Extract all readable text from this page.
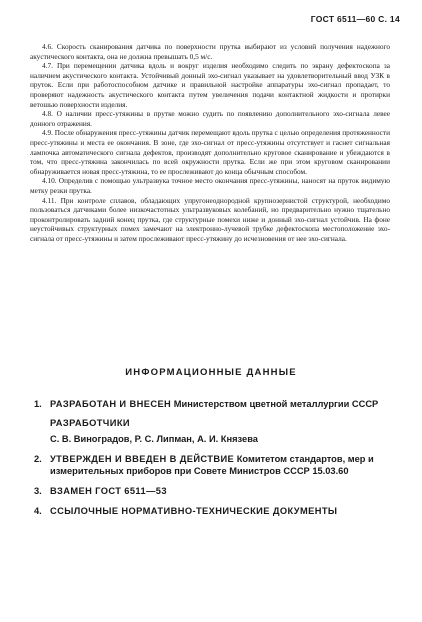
ГОСТ 6511—60 С. 14

4.6. Скорость сканирования датчика по поверхности прутка выбирают из условий получения надежного акустического контакта, она не должна превышать 0,5 м/с.

4.7. При перемещении датчика вдоль и вокруг изделия необходимо следить по экрану дефектоскопа за наличием акустического контакта. Устойчивый донный эхо-сигнал указывает на удовлетворительный ввод УЗК в пруток. Если при работоспособном датчике и правильной настройке аппаратуры эхо-сигнал пропадает, то проверяют надежность акустического контакта путем увеличения подачи контактной жидкости и протирки ветошью поверхности изделия.

4.8. О наличии пресс-утяжины в прутке можно судить по появлению дополнительного эхо-сигнала левее донного отражения.

4.9. После обнаружения пресс-утяжины датчик перемещают вдоль прутка с целью определения протяженности пресс-утяжины и места ее окончания. В зоне, где эхо-сигнал от пресс-утяжины отсутствует и гаснет сигнальная лампочка автоматического сигнала дефектов, производят дополнительно круговое сканирование и убеждаются в том, что пресс-утяжина закончилась по всей окружности прутка. Если же при этом круговом сканировании обнаруживается новая пресс-утяжина, то ее прослеживают до конца обычным способом.

4.10. Определив с помощью ультразвука точное место окончания пресс-утяжины, наносят на пруток видимую метку резки прутка.

4.11. При контроле сплавов, обладающих упругонеоднородной крупнозернистой структурой, необходимо пользоваться датчиками более низкочастотных ультразвуковых колебаний, но предварительно нужно тщательно проконтролировать задний конец прутка, где структурные помехи ниже и донный эхо-сигнал устойчив. На фоне неустойчивых структурных помех замечают на электронно-лучевой трубке дефектоскопа местоположение эхо-сигнала от пресс-утяжины и затем прослеживают пресс-утяжину до исчезновения от нее эхо-сигнала.

ИНФОРМАЦИОННЫЕ ДАННЫЕ
1. РАЗРАБОТАН И ВНЕСЕН Министерством цветной металлургии СССР
РАЗРАБОТЧИКИ
С. В. Виноградов, Р. С. Липман, А. И. Князева
2. УТВЕРЖДЕН И ВВЕДЕН В ДЕЙСТВИЕ Комитетом стандартов, мер и измерительных приборов при Совете Министров СССР 15.03.60
3. ВЗАМЕН ГОСТ 6511—53
4. ССЫЛОЧНЫЕ НОРМАТИВНО-ТЕХНИЧЕСКИЕ ДОКУМЕНТЫ
